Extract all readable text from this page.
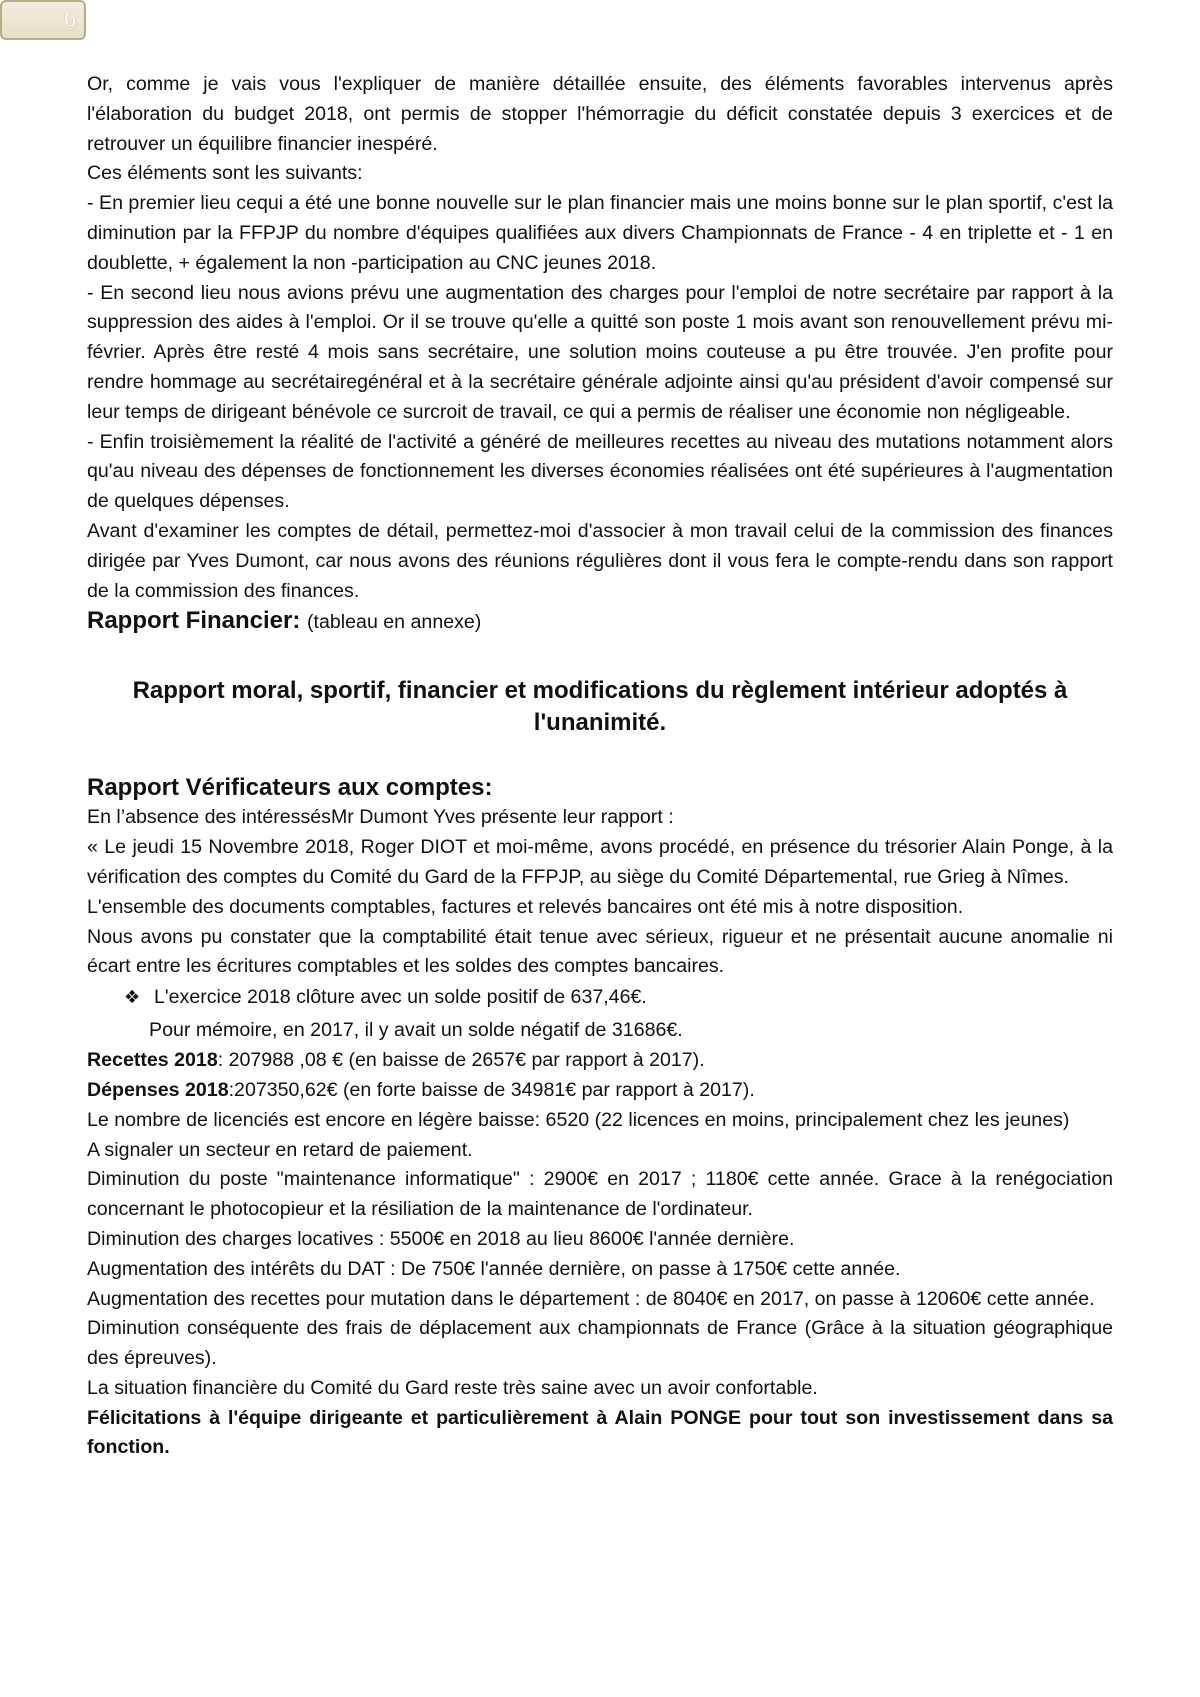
6

Or, comme je vais vous l'expliquer de manière détaillée ensuite, des éléments favorables intervenus après l'élaboration du budget 2018, ont permis de stopper l'hémorragie du déficit constatée depuis 3 exercices et de retrouver un équilibre financier inespéré.

Ces éléments sont les suivants:

- En premier lieu cequi a été une bonne nouvelle sur le plan financier mais une moins bonne sur le plan sportif, c'est la diminution par la FFPJP du nombre d'équipes qualifiées aux divers Championnats de France - 4 en triplette et - 1 en doublette, + également la non -participation au CNC jeunes 2018.

- En second lieu nous avions prévu une augmentation des charges pour l'emploi de notre secrétaire par rapport à la suppression des aides à l'emploi. Or il se trouve qu'elle a quitté son poste 1 mois avant son renouvellement prévu mi-février. Après être resté 4 mois sans secrétaire, une solution moins couteuse a pu être trouvée. J'en profite pour rendre hommage au secrétairegénéral et à la secrétaire générale adjointe ainsi qu'au président d'avoir compensé sur leur temps de dirigeant bénévole ce surcroit de travail, ce qui a permis de réaliser une économie non négligeable.

- Enfin troisièmement la réalité de l'activité a généré de meilleures recettes au niveau des mutations notamment alors qu'au niveau des dépenses de fonctionnement les diverses économies réalisées ont été supérieures à l'augmentation de quelques dépenses.

Avant d'examiner les comptes de détail, permettez-moi d'associer à mon travail celui de la commission des finances dirigée par Yves Dumont, car nous avons des réunions régulières dont il vous fera le compte-rendu dans son rapport de la commission des finances.

Rapport Financier: (tableau en annexe)

Rapport moral, sportif, financier et modifications du règlement intérieur adoptés à
l'unanimité.

Rapport Vérificateurs aux comptes:

En l’absence des intéressésMr Dumont Yves présente leur rapport :

« Le jeudi 15 Novembre 2018, Roger DIOT et moi-même, avons procédé, en présence du trésorier Alain Ponge, à la vérification des comptes du Comité du Gard de la FFPJP, au siège du Comité Départemental, rue Grieg à Nîmes.

L'ensemble des documents comptables, factures et relevés bancaires ont été mis à notre disposition.

Nous avons pu constater que la comptabilité était tenue avec sérieux, rigueur et ne présentait aucune anomalie ni écart entre les écritures comptables et les soldes des comptes bancaires.

❖ L'exercice 2018 clôture avec un solde positif de 637,46€.

Pour mémoire, en 2017, il y avait un solde négatif de 31686€.

Recettes 2018: 207988 ,08 € (en baisse de 2657€ par rapport à 2017).

Dépenses 2018:207350,62€ (en forte baisse de 34981€ par rapport à 2017).

Le nombre de licenciés est encore en légère baisse: 6520 (22 licences en moins, principalement chez les jeunes)

A signaler un secteur en retard de paiement.

Diminution du poste "maintenance informatique" : 2900€ en 2017 ; 1180€ cette année. Grace à la renégociation concernant le photocopieur et la résiliation de la maintenance de l'ordinateur.

Diminution des charges locatives : 5500€ en 2018 au lieu 8600€ l'année dernière.

Augmentation des intérêts du DAT : De 750€ l'année dernière, on passe à 1750€ cette année.

Augmentation des recettes pour mutation dans le département : de 8040€ en 2017, on passe à 12060€ cette année.

Diminution conséquente des frais de déplacement aux championnats de France (Grâce à la situation géographique des épreuves).

La situation financière du Comité du Gard reste très saine avec un avoir confortable.

Félicitations à l'équipe dirigeante et particulièrement à Alain PONGE pour tout son investissement dans sa fonction.
